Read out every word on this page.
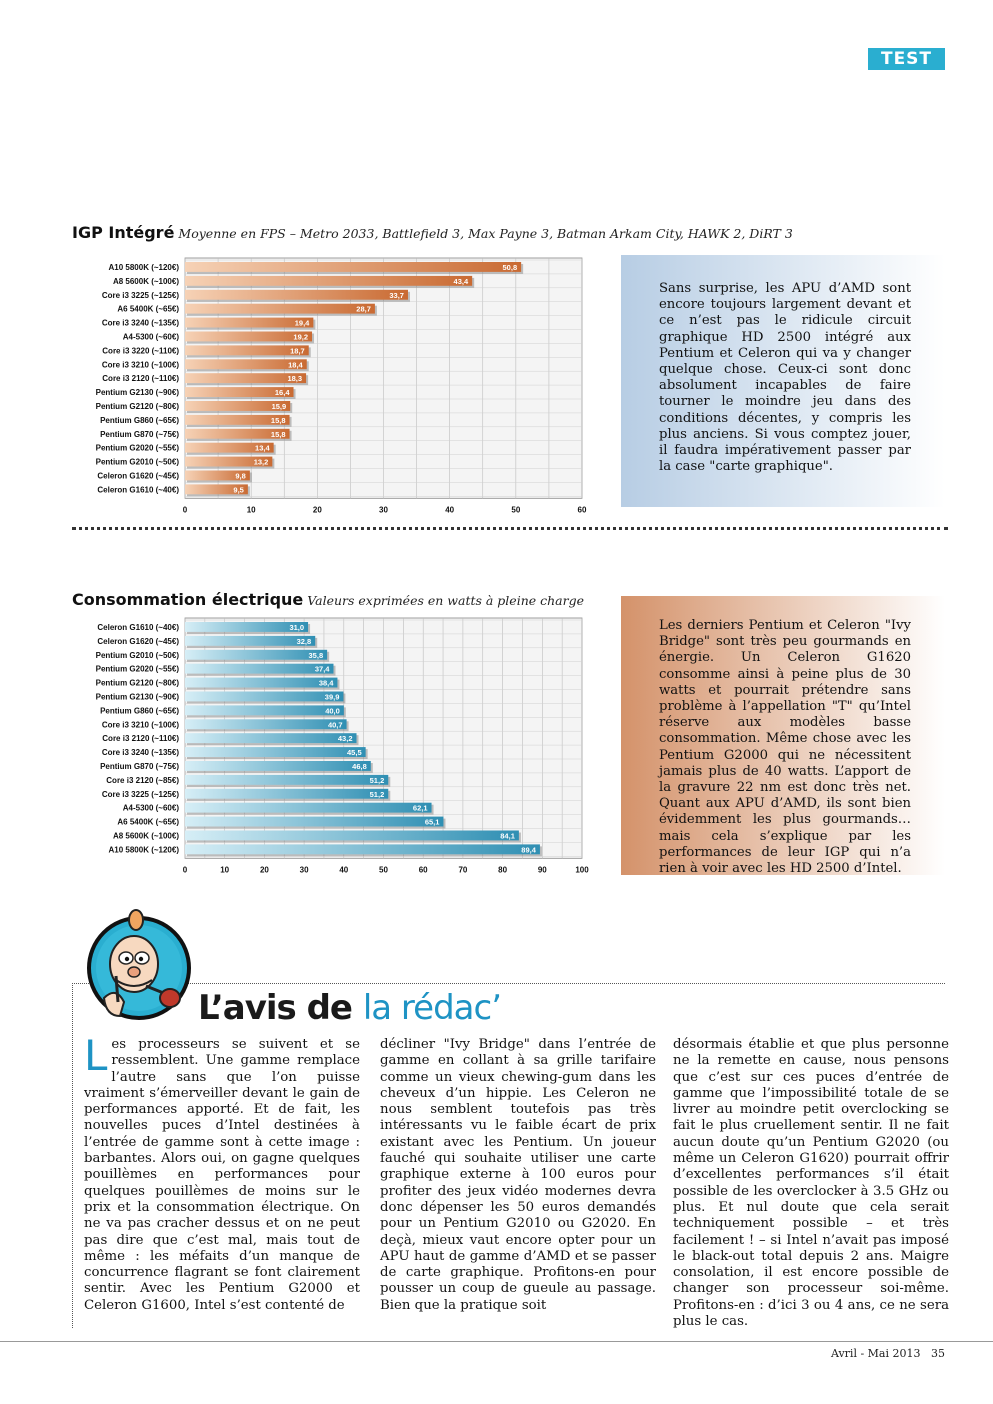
TEST
IGP Intégré Moyenne en FPS – Metro 2033, Battlefield 3, Max Payne 3, Batman Arkam City, HAWK 2, DiRT 3
A10 5800K (~120€)	50,8
A8 5600K (~100€)	43,4
Core i3 3225 (~125€)	33,7
A6 5400K (~65€)	28,7
Core i3 3240 (~135€)	19,4
A4-5300 (~60€)	19,2
Core i3 3220 (~110€)	18,7
Core i3 3210 (~100€)	18,4
Core i3 2120 (~110€)	18,3
Pentium G2130 (~90€)	16,4
Pentium G2120 (~80€)	15,9
Pentium G860 (~65€)	15,8
Pentium G870 (~75€)	15,8
Pentium G2020 (~55€)	13,4
Pentium G2010 (~50€)	13,2
Celeron G1620 (~45€)	9,8
Celeron G1610 (~40€)	9,5
0	10	20	30	40	50	60
Sans surprise, les APU d’AMD sont encore toujours largement devant et ce n’est pas le ridicule circuit graphique HD 2500 intégré aux Pentium et Celeron qui va y changer quelque chose. Ceux-ci sont donc absolument incapables de faire tourner le moindre jeu dans des conditions décentes, y compris les plus anciens. Si vous comptez jouer, il faudra impérativement passer par la case "carte graphique".
Consommation électrique Valeurs exprimées en watts à pleine charge
Celeron G1610 (~40€)	31,0
Celeron G1620 (~45€)	32,8
Pentium G2010 (~50€)	35,8
Pentium G2020 (~55€)	37,4
Pentium G2120 (~80€)	38,4
Pentium G2130 (~90€)	39,9
Pentium G860 (~65€)	40,0
Core i3 3210 (~100€)	40,7
Core i3 2120 (~110€)	43,2
Core i3 3240 (~135€)	45,5
Pentium G870 (~75€)	46,8
Core i3 2120 (~85€)	51,2
Core i3 3225 (~125€)	51,2
A4-5300 (~60€)	62,1
A6 5400K (~65€)	65,1
A8 5600K (~100€)	84,1
A10 5800K (~120€)	89,4
0	10	20	30	40	50	60	70	80	90	100
Les derniers Pentium et Celeron "Ivy Bridge" sont très peu gourmands en énergie. Un Celeron G1620 consomme ainsi à peine plus de 30 watts et pourrait prétendre sans problème à l’appellation "T" qu’Intel réserve aux modèles basse consommation. Même chose avec les Pentium G2000 qui ne nécessitent jamais plus de 40 watts. L’apport de la gravure 22 nm est donc très net. Quant aux APU d’AMD, ils sont bien évidemment les plus gourmands… mais cela s’explique par les performances de leur IGP qui n’a rien à voir avec les HD 2500 d’Intel.
L’avis de la rédac’
Les processeurs se suivent et se ressemblent. Une gamme remplace l’autre sans que l’on puisse vraiment s’émerveiller devant le gain de performances apporté. Et de fait, les nouvelles puces d’Intel destinées à l’entrée de gamme sont à cette image : barbantes. Alors oui, on gagne quelques pouillèmes en performances pour quelques pouillèmes de moins sur le prix et la consommation électrique. On ne va pas cracher dessus et on ne peut pas dire que c’est mal, mais tout de même : les méfaits d’un manque de concurrence flagrant se font clairement sentir. Avec les Pentium G2000 et Celeron G1600, Intel s’est contenté de
décliner "Ivy Bridge" dans l’entrée de gamme en collant à sa grille tarifaire comme un vieux chewing-gum dans les cheveux d’un hippie. Les Celeron ne nous semblent toutefois pas très intéressants vu le faible écart de prix existant avec les Pentium. Un joueur fauché qui souhaite utiliser une carte graphique externe à 100 euros pour profiter des jeux vidéo modernes devra donc dépenser les 50 euros demandés pour un Pentium G2010 ou G2020. En deçà, mieux vaut encore opter pour un APU haut de gamme d’AMD et se passer de carte graphique. Profitons-en pour pousser un coup de gueule au passage. Bien que la pratique soit
désormais établie et que plus personne ne la remette en cause, nous pensons que c’est sur ces puces d’entrée de gamme que l’impossibilité totale de se livrer au moindre petit overclocking se fait le plus cruellement sentir. Il ne fait aucun doute qu’un Pentium G2020 (ou même un Celeron G1620) pourrait offrir d’excellentes performances s’il était possible de les overclocker à 3.5 GHz ou plus. Et nul doute que cela serait techniquement possible – et très facilement ! – si Intel n’avait pas imposé le black-out total depuis 2 ans. Maigre consolation, il est encore possible de changer son processeur soi-même. Profitons-en : d’ici 3 ou 4 ans, ce ne sera plus le cas.
Avril - Mai 2013 35
